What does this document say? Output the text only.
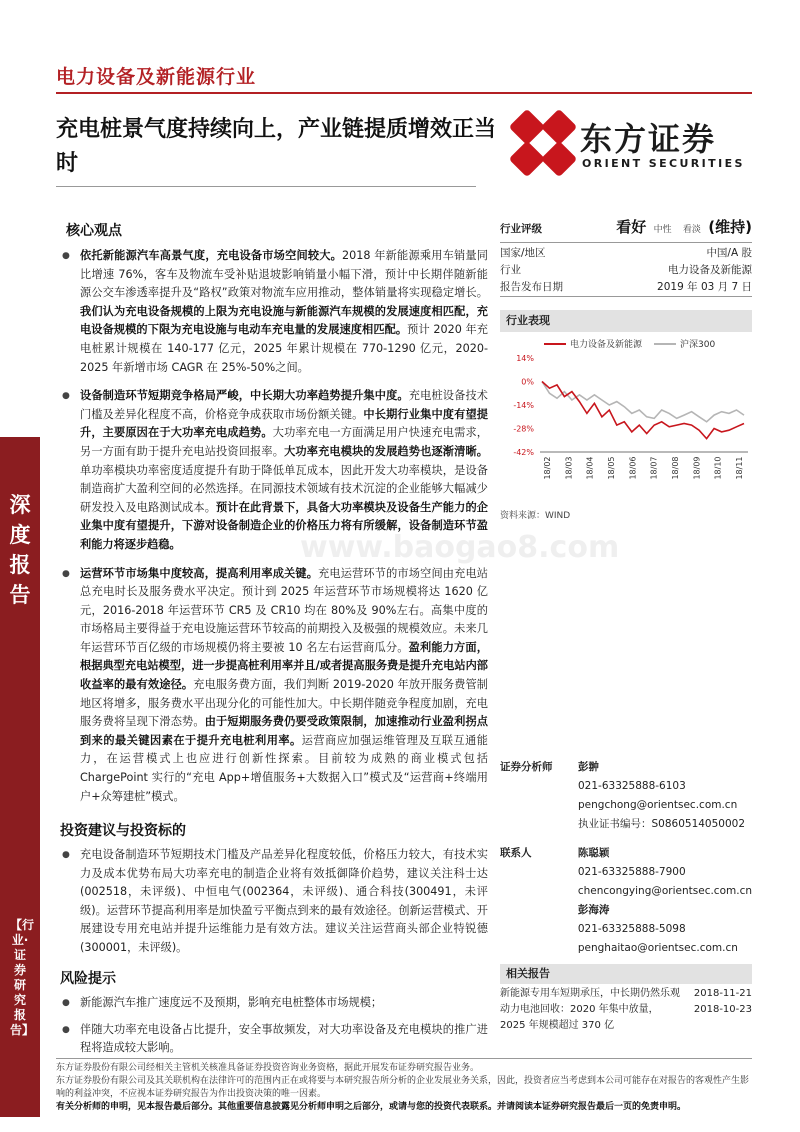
电力设备及新能源行业
充电桩景气度持续向上，产业链提质增效正当时
东方证券
ORIENT SECURITIES
深度报告
【行业·证券研究报告】
www.baogao8.com
核心观点
● 依托新能源汽车高景气度，充电设备市场空间较大。2018 年新能源乘用车销量同比增速 76%，客车及物流车受补贴退坡影响销量小幅下滑，预计中长期伴随新能源公交车渗透率提升及“路权”政策对物流车应用推动，整体销量将实现稳定增长。我们认为充电设备规模的上限为充电设施与新能源汽车规模的发展速度相匹配，充电设备规模的下限为充电设施与电动车充电量的发展速度相匹配。预计 2020 年充电桩累计规模在 140-177 亿元，2025 年累计规模在 770-1290 亿元，2020-2025 年新增市场 CAGR 在 25%-50%之间。
● 设备制造环节短期竞争格局严峻，中长期大功率趋势提升集中度。充电桩设备技术门槛及差异化程度不高，价格竞争成获取市场份额关键。中长期行业集中度有望提升，主要原因在于大功率充电成趋势。大功率充电一方面满足用户快速充电需求，另一方面有助于提升充电站投资回报率。大功率充电模块的发展趋势也逐渐清晰。单功率模块功率密度适度提升有助于降低单瓦成本，因此开发大功率模块，是设备制造商扩大盈利空间的必然选择。在同源技术领域有技术沉淀的企业能够大幅减少研发投入及电路测试成本。预计在此背景下，具备大功率模块及设备生产能力的企业集中度有望提升，下游对设备制造企业的价格压力将有所缓解，设备制造环节盈利能力将逐步趋稳。
● 运营环节市场集中度较高，提高利用率成关键。充电运营环节的市场空间由充电站总充电时长及服务费水平决定。预计到 2025 年运营环节市场规模将达 1620 亿元，2016-2018 年运营环节 CR5 及 CR10 均在 80%及 90%左右。高集中度的市场格局主要得益于充电设施运营环节较高的前期投入及极强的规模效应。未来几年运营环节百亿级的市场规模仍将主要被 10 名左右运营商瓜分。盈利能力方面，根据典型充电站模型，进一步提高桩利用率并且/或者提高服务费是提升充电站内部收益率的最有效途径。充电服务费方面，我们判断 2019-2020 年放开服务费管制地区将增多，服务费水平出现分化的可能性加大。中长期伴随竞争程度加剧，充电服务费将呈现下滑态势。由于短期服务费仍要受政策限制，加速推动行业盈利拐点到来的最关键因素在于提升充电桩利用率。运营商应加强运维管理及互联互通能力，在运营模式上也应进行创新性探索。目前较为成熟的商业模式包括 ChargePoint 实行的“充电 App+增值服务+大数据入口”模式及“运营商+终端用户+众筹建桩”模式。
投资建议与投资标的
● 充电设备制造环节短期技术门槛及产品差异化程度较低，价格压力较大，有技术实力及成本优势布局大功率充电的制造企业将有效抵御降价趋势，建议关注科士达(002518，未评级)、中恒电气(002364，未评级)、通合科技(300491，未评级)。运营环节提高利用率是加快盈亏平衡点到来的最有效途径。创新运营模式、开展建设专用充电站并提升运维能力是有效方法。建议关注运营商头部企业特锐德(300001，未评级)。
风险提示
● 新能源汽车推广速度远不及预期，影响充电桩整体市场规模；
● 伴随大功率充电设备占比提升，安全事故频发，对大功率设备及充电模块的推广进程将造成较大影响。
行业评级	看好 中性 看淡 (维持)
国家/地区	中国/A 股
行业	电力设备及新能源
报告发布日期	2019 年 03 月 7 日
行业表现
电力设备及新能源	沪深300
14%
0%
-14%
-28%
-42%
18/02 18/03 18/04 18/05 18/06 18/07 18/08 18/09 18/10 18/11
资料来源：WIND
证券分析师	彭翀
021-63325888-6103
pengchong@orientsec.com.cn
执业证书编号：S0860514050002
联系人	陈聪颖
021-63325888-7900
chencongying@orientsec.com.cn
彭海涛
021-63325888-5098
penghaitao@orientsec.com.cn
相关报告
新能源专用车短期承压，中长期仍然乐观 2018-11-21
动力电池回收：2020 年集中放量，2025 年规模超过 370 亿
2018-10-23
东方证券股份有限公司经相关主管机关核准具备证券投资咨询业务资格，据此开展发布证券研究报告业务。
东方证券股份有限公司及其关联机构在法律许可的范围内正在或将要与本研究报告所分析的企业发展业务关系，因此，投资者应当考虑到本公司可能存在对报告的客观性产生影响的利益冲突，不应视本证券研究报告为作出投资决策的唯一因素。
有关分析师的申明，见本报告最后部分。其他重要信息披露见分析师申明之后部分，或请与您的投资代表联系。并请阅读本证券研究报告最后一页的免责申明。
